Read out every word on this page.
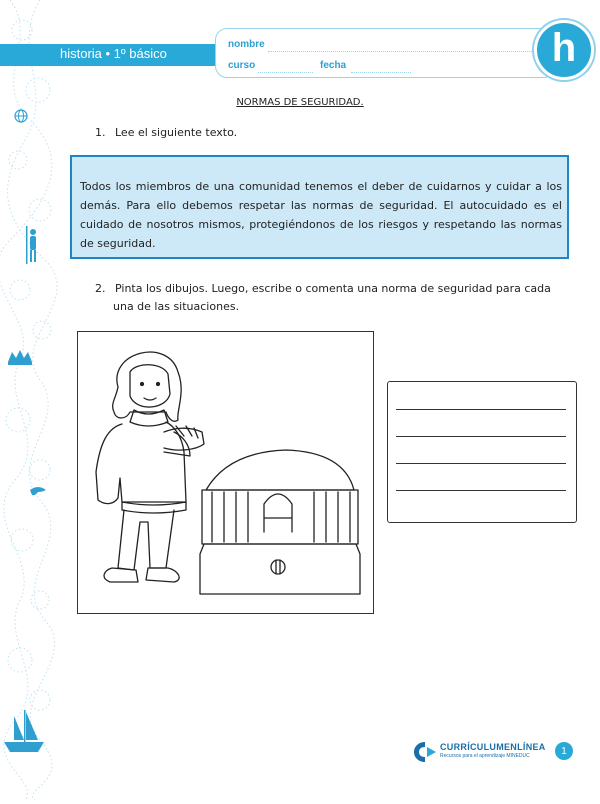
historia • 1º básico
nombre
curso	fecha	h
NORMAS DE SEGURIDAD.
1. Lee el siguiente texto.
Todos los miembros de una comunidad tenemos el deber de cuidarnos y cuidar a los demás. Para ello debemos respetar las normas de seguridad. El autocuidado es el cuidado de nosotros mismos, protegiéndonos de los riesgos y respetando las normas de seguridad.
2. Pinta los dibujos. Luego, escribe o comenta una norma de seguridad para cada
una de las situaciones.
CURRÍCULUMENLÍNEA
Recursos para el aprendizaje MINEDUC	1
